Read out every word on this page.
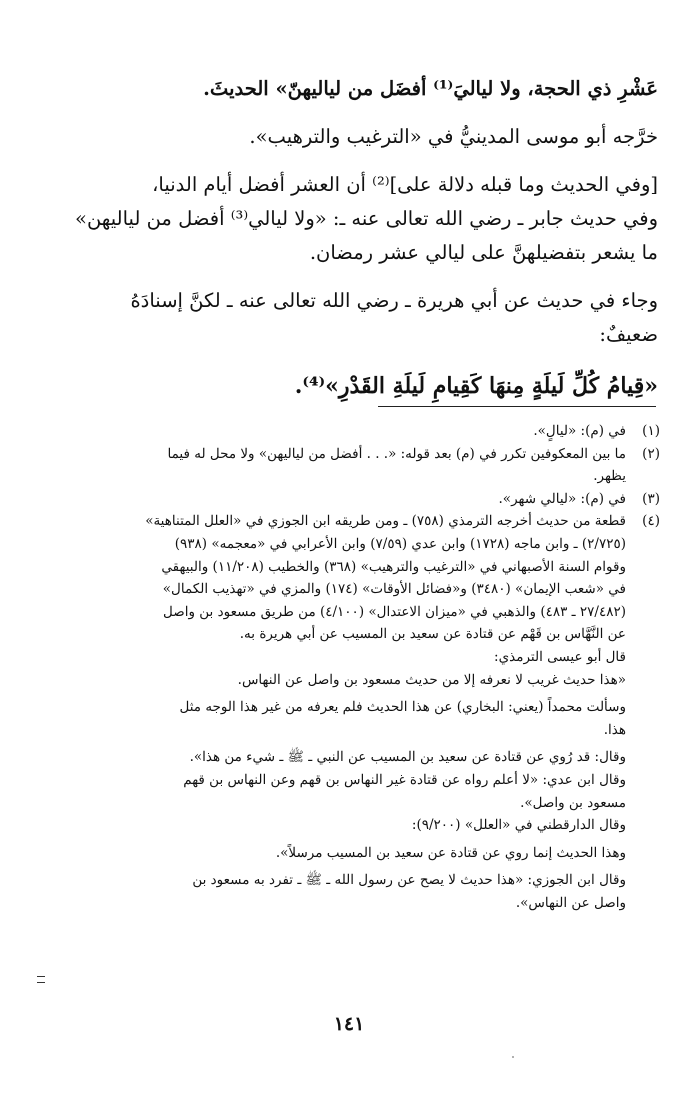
عَشْرِ ذي الحجة، ولا لياليَ⁽¹⁾ أفضَل من لياليهنّ» الحديثَ.
خرَّجه أبو موسى المدينيُّ في «الترغيب والترهيب».
[وفي الحديث وما قبله دلالة على]⁽²⁾ أن العشر أفضل أيام الدنيا،
وفي حديث جابر ـ رضي الله تعالى عنه ـ: «ولا ليالي⁽³⁾ أفضل من لياليهن»
ما يشعر بتفضيلهنَّ على ليالي عشر رمضان.
وجاء في حديث عن أبي هريرة ـ رضي الله تعالى عنه ـ لكنَّ إسنادَهُ
ضعيفٌ:
«قِيامُ كُلِّ لَيلَةٍ مِنهَا كَقِيامِ لَيلَةِ القَدْرِ»⁽⁴⁾.
(١)
في (م): «ليالٍ».
(٢)
ما بين المعكوفين تكرر في (م) بعد قوله: «. . . أفضل من لياليهن» ولا محل له فيما
يظهر.
(٣)
في (م): «ليالي شهر».
(٤)
قطعة من حديث أخرجه الترمذي (٧٥٨) ـ ومن طريقه ابن الجوزي في «العلل المتناهية»
(٢/٧٢٥) ـ وابن ماجه (١٧٢٨) وابن عدي (٧/٥٩) وابن الأعرابي في «معجمه» (٩٣٨)
وقوام السنة الأصبهاني في «الترغيب والترهيب» (٣٦٨) والخطيب (١١/٢٠٨) والبيهقي
في «شعب الإيمان» (٣٤٨٠) و«فضائل الأوقات» (١٧٤) والمزي في «تهذيب الكمال»
(٢٧/٤٨٢ ـ ٤٨٣) والذهبي في «ميزان الاعتدال» (٤/١٠٠) من طريق مسعود بن واصل
عن النَّهَّاس بن قَهْم عن قتادة عن سعيد بن المسيب عن أبي هريرة به.
قال أبو عيسى الترمذي:
«هذا حديث غريب لا نعرفه إلا من حديث مسعود بن واصل عن النهاس.
وسألت محمداً (يعني: البخاري) عن هذا الحديث فلم يعرفه من غير هذا الوجه مثل
هذا.
وقال: قد رُوي عن قتادة عن سعيد بن المسيب عن النبي ـ ﷺ ـ شيء من هذا».
وقال ابن عدي: «لا أعلم رواه عن قتادة غير النهاس بن قهم وعن النهاس بن قهم
مسعود بن واصل».
وقال الدارقطني في «العلل» (٩/٢٠٠):
وهذا الحديث إنما روي عن قتادة عن سعيد بن المسيب مرسلاً».
وقال ابن الجوزي: «هذا حديث لا يصح عن رسول الله ـ ﷺ ـ تفرد به مسعود بن
واصل عن النهاس».
١٤١
